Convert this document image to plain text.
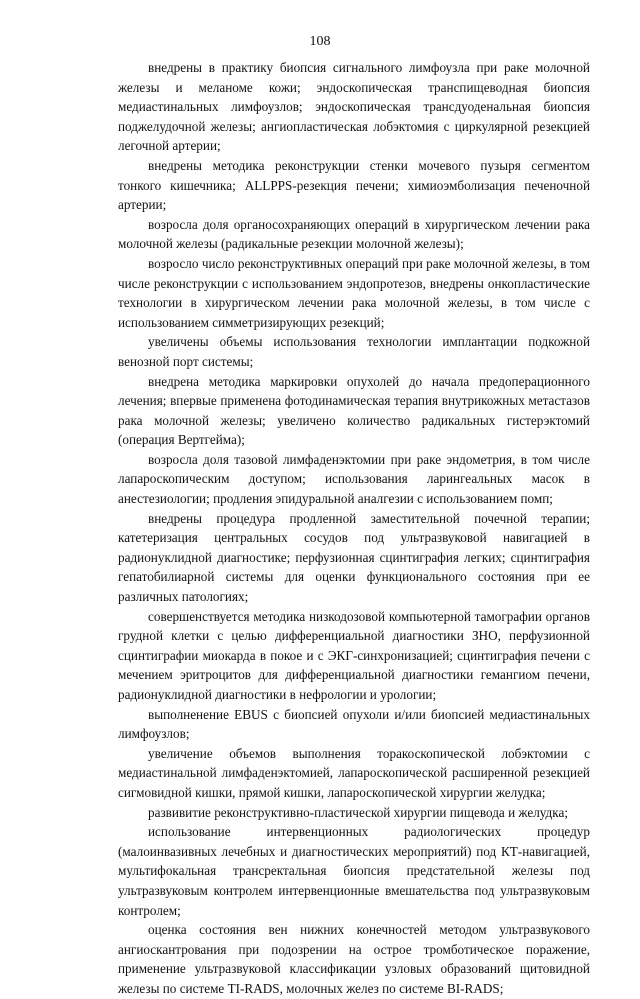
108

внедрены в практику биопсия сигнального лимфоузла при раке молочной железы и меланоме кожи; эндоскопическая транспищеводная биопсия медиастинальных лимфоузлов; эндоскопическая трансдуоденальная биопсия поджелудочной железы; ангиопластическая лобэктомия с циркулярной резекцией легочной артерии;

внедрены методика реконструкции стенки мочевого пузыря сегментом тонкого кишечника; ALLPPS-резекция печени; химиоэмболизация печеночной артерии;

возросла доля органосохраняющих операций в хирургическом лечении рака молочной железы (радикальные резекции молочной железы);

возросло число реконструктивных операций при раке молочной железы, в том числе реконструкции с использованием эндопротезов, внедрены онкопластические технологии в хирургическом лечении рака молочной железы, в том числе с использованием симметризирующих резекций;

увеличены объемы использования технологии имплантации подкожной венозной порт системы;

внедрена методика маркировки опухолей до начала предоперационного лечения; впервые применена фотодинамическая терапия внутрикожных метастазов рака молочной железы; увеличено количество радикальных гистерэктомий (операция Вертгейма);

возросла доля тазовой лимфаденэктомии при раке эндометрия, в том числе лапароскопическим доступом; использования ларингеальных масок в анестезиологии; продления эпидуральной аналгезии с использованием помп;

внедрены процедура продленной заместительной почечной терапии; катетеризация центральных сосудов под ультразвуковой навигацией в радионуклидной диагностике; перфузионная сцинтиграфия легких; сцинтиграфия гепатобилиарной системы для оценки функционального состояния при ее различных патологиях;

совершенствуется методика низкодозовой компьютерной тамографии органов грудной клетки с целью дифференциальной диагностики ЗНО, перфузионной сцинтиграфии миокарда в покое и с ЭКГ-синхронизацией; сцинтиграфия печени с мечением эритроцитов для дифференциальной диагностики гемангиом печени, радионуклидной диагностики в нефрологии и урологии;

выполненение EBUS с биопсией опухоли и/или биопсией медиастинальных лимфоузлов;

увеличение объемов выполнения торакоскопической лобэктомии с медиастинальной лимфаденэктомией, лапароскопической расширенной резекцией сигмовидной кишки, прямой кишки, лапароскопической хирургии желудка;

развивитие реконструктивно-пластической хирургии пищевода и желудка;

использование интервенционных радиологических процедур (малоинвазивных лечебных и диагностических мероприятий) под КТ-навигацией, мультифокальная трансректальная биопсия предстательной железы под ультразвуковым контролем интервенционные вмешательства под ультразвуковым контролем;

оценка состояния вен нижних конечностей методом ультразвукового ангиоскантрования при подозрении на острое тромботическое поражение, применение ультразвуковой классификации узловых образований щитовидной железы по системе TI-RADS, молочных желез по системе BI-RADS;
